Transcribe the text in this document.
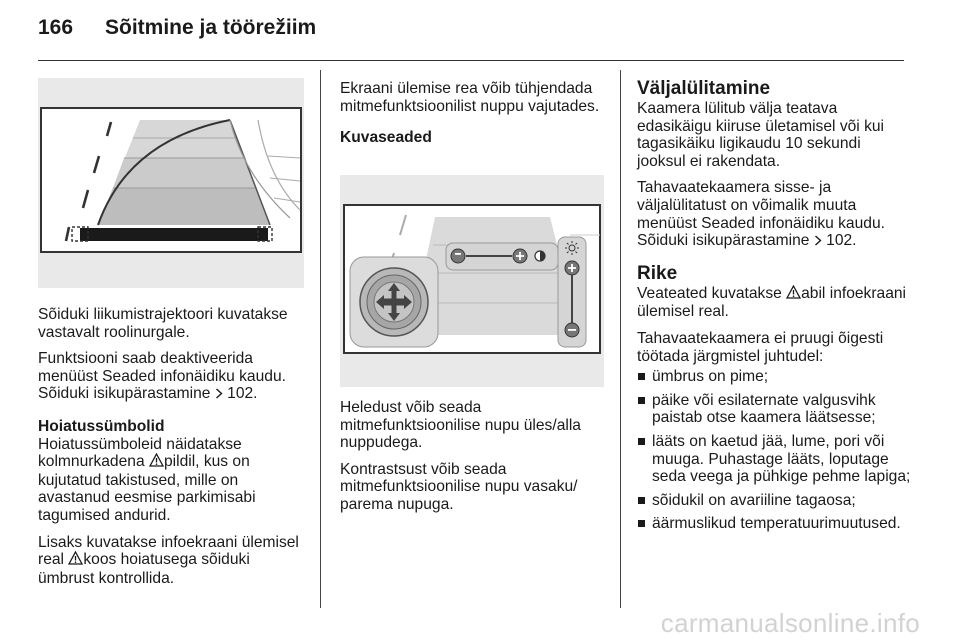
166 Sõitmine ja töörežiim

Sõiduki liikumistrajektoori kuvatakse vastavalt roolinurgale.

Funktsiooni saab deaktiveerida menüüst Seaded infonäidiku kaudu. Sõiduki isikupärastamine  102.

Hoiatussümbolid

Hoiatussümboleid näidatakse kolmnurkadena pildil, kus on kujutatud takistused, mille on avastanud eesmise parkimisabi tagumised andurid.

Lisaks kuvatakse infoekraani ülemisel real koos hoiatusega sõiduki ümbrust kontrollida.

Ekraani ülemise rea võib tühjendada mitmefunktsioonilist nuppu vajutades.

Kuvaseaded

Heledust võib seada mitmefunktsioonilise nupu üles/alla nuppudega.

Kontrastsust võib seada mitmefunktsioonilise nupu vasaku/ parema nupuga.

Väljalülitamine

Kaamera lülitub välja teatava edasikäigu kiiruse ületamisel või kui tagasikäiku ligikaudu 10 sekundi jooksul ei rakendata.

Tahavaatekaamera sisse- ja väljalülitatust on võimalik muuta menüüst Seaded infonäidiku kaudu. Sõiduki isikupärastamine  102.

Rike

Veateated kuvatakse abil infoekraani ülemisel real.

Tahavaatekaamera ei pruugi õigesti töötada järgmistel juhtudel:

ümbrus on pime;
päike või esilaternate valgusvihk paistab otse kaamera läätsesse;
lääts on kaetud jää, lume, pori või muuga. Puhastage lääts, loputage seda veega ja pühkige pehme lapiga;
sõidukil on avariiline tagaosa;
äärmuslikud temperatuurimuutused.
carmanualsonline.info
